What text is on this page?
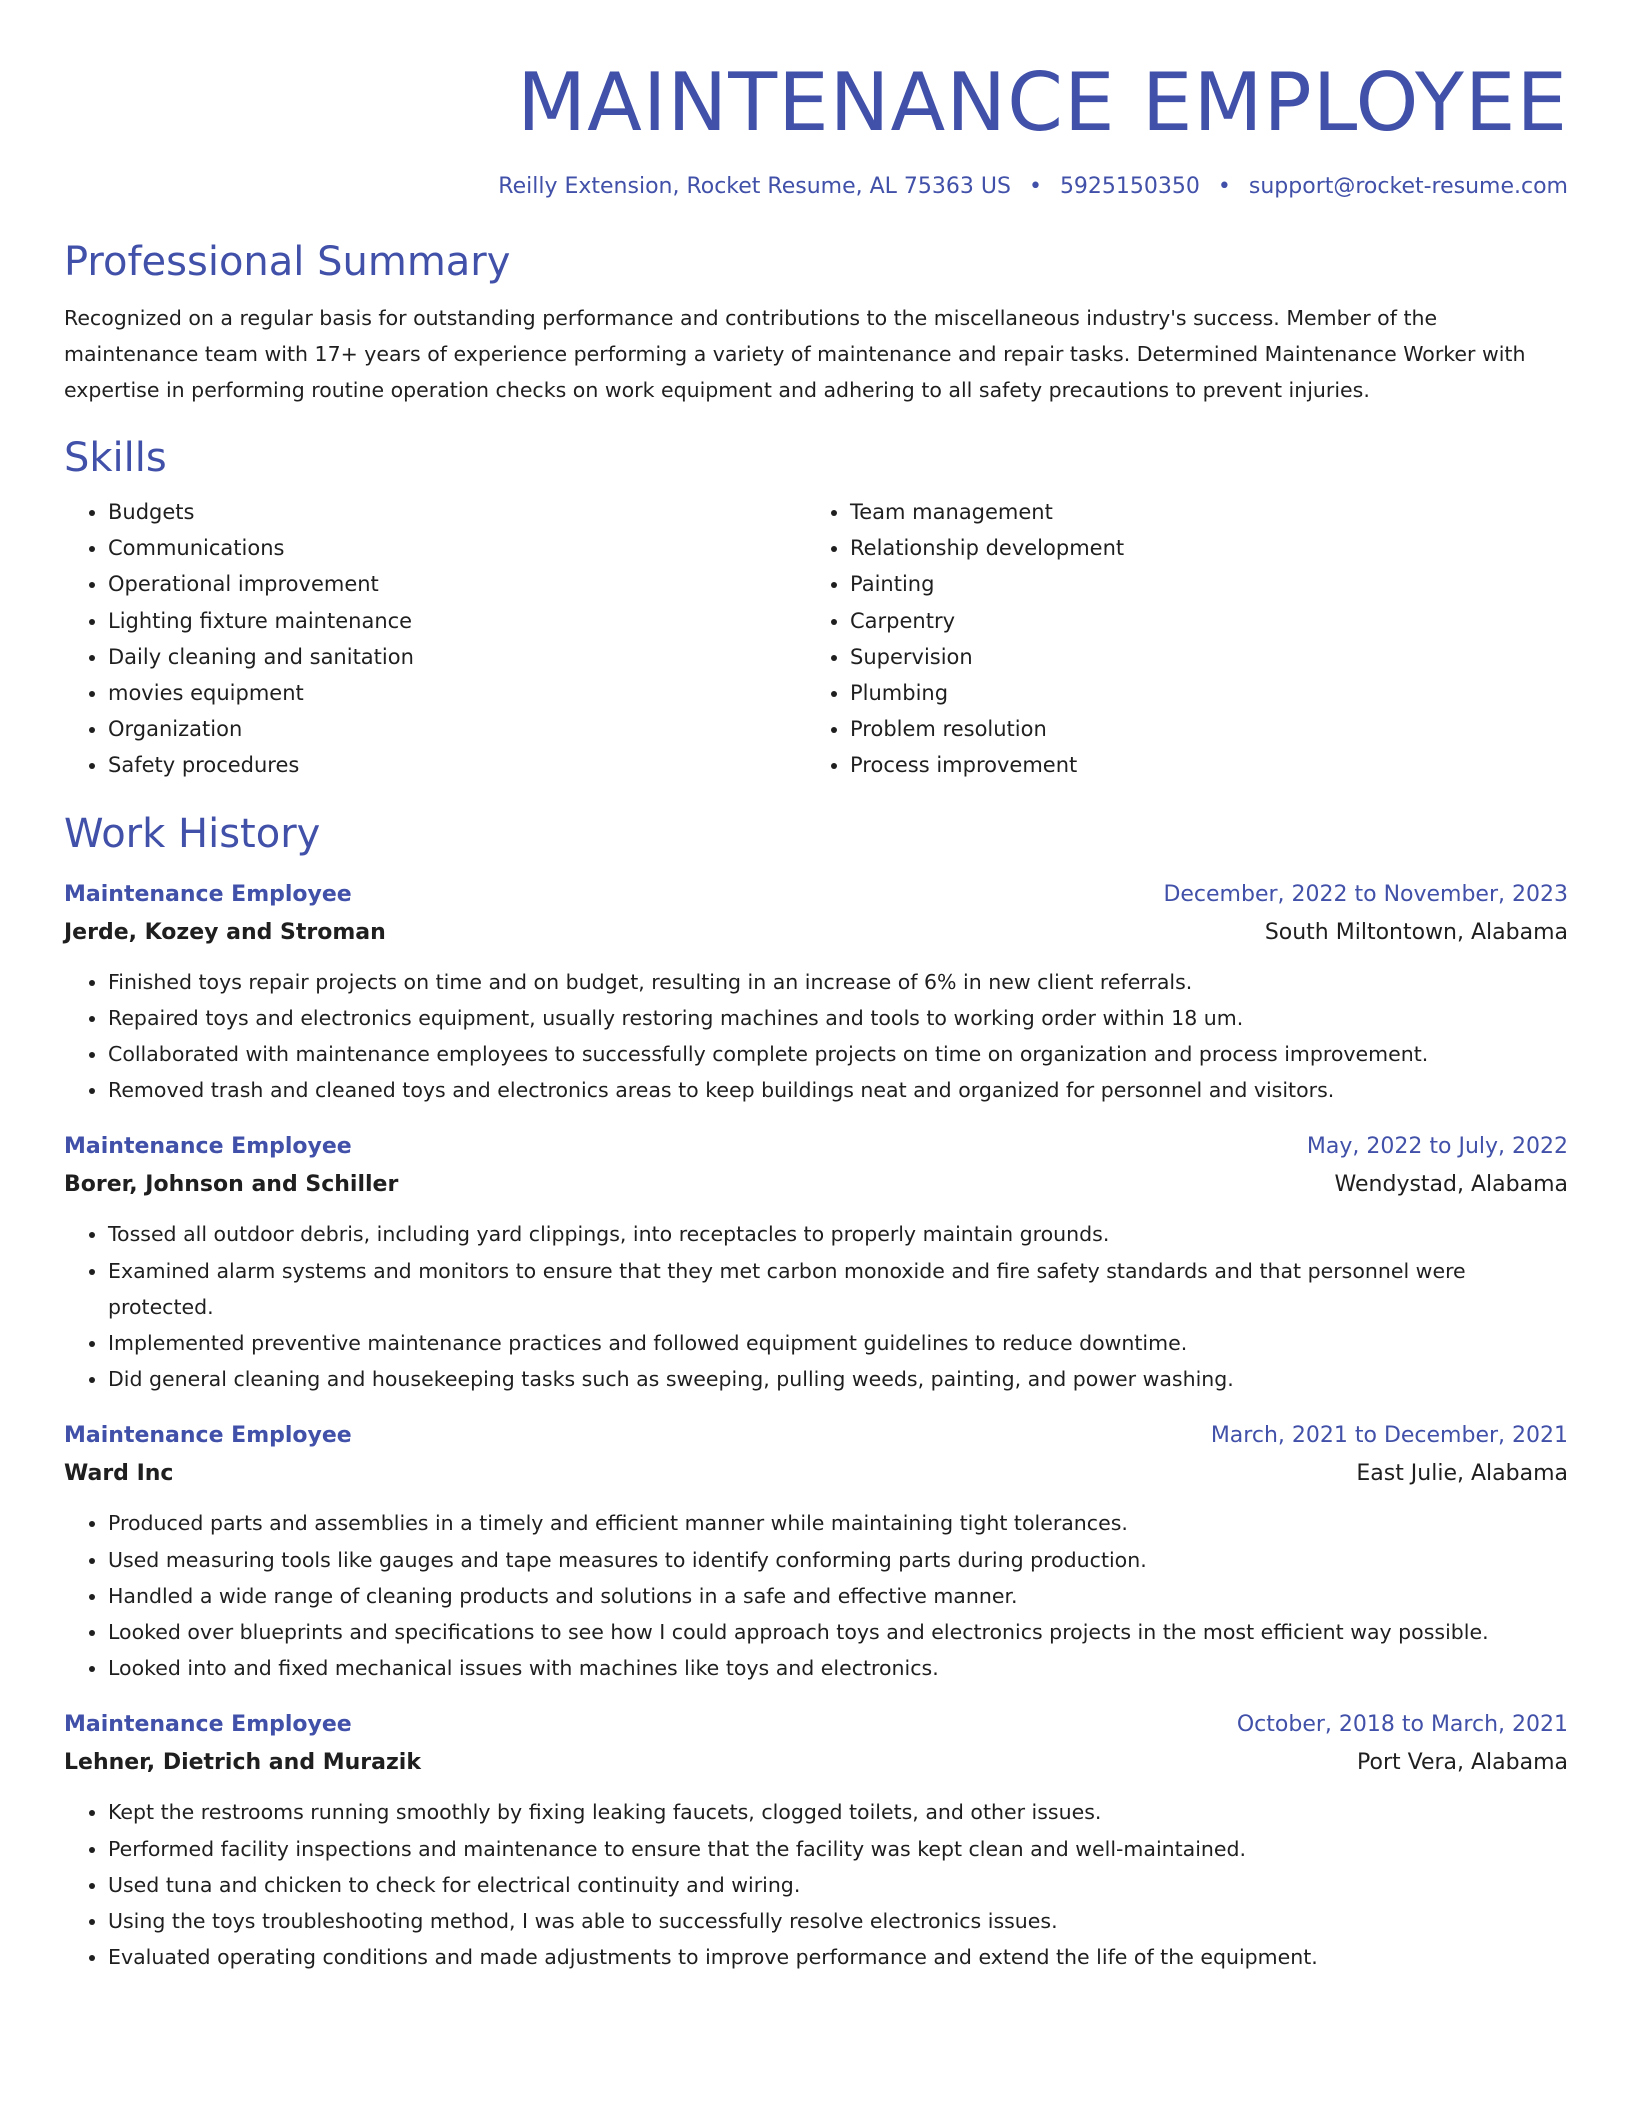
MAINTENANCE EMPLOYEE
Reilly Extension, Rocket Resume, AL 75363 US • 5925150350 • support@rocket-resume.com
Professional Summary

Recognized on a regular basis for outstanding performance and contributions to the miscellaneous industry's success. Member of the maintenance team with 17+ years of experience performing a variety of maintenance and repair tasks. Determined Maintenance Worker with expertise in performing routine operation checks on work equipment and adhering to all safety precautions to prevent injuries.

Skills
• Budgets
• Communications
• Operational improvement
• Lighting fixture maintenance
• Daily cleaning and sanitation
• movies equipment
• Organization
• Safety procedures
• Team management
• Relationship development
• Painting
• Carpentry
• Supervision
• Plumbing
• Problem resolution
• Process improvement
Work History
Maintenance Employee	December, 2022 to November, 2023
Jerde, Kozey and Stroman	South Miltontown, Alabama
• Finished toys repair projects on time and on budget, resulting in an increase of 6% in new client referrals.
• Repaired toys and electronics equipment, usually restoring machines and tools to working order within 18 um.
• Collaborated with maintenance employees to successfully complete projects on time on organization and process improvement.
• Removed trash and cleaned toys and electronics areas to keep buildings neat and organized for personnel and visitors.
Maintenance Employee	May, 2022 to July, 2022
Borer, Johnson and Schiller	Wendystad, Alabama
• Tossed all outdoor debris, including yard clippings, into receptacles to properly maintain grounds.
• Examined alarm systems and monitors to ensure that they met carbon monoxide and fire safety standards and that personnel were protected.
• Implemented preventive maintenance practices and followed equipment guidelines to reduce downtime.
• Did general cleaning and housekeeping tasks such as sweeping, pulling weeds, painting, and power washing.
Maintenance Employee	March, 2021 to December, 2021
Ward Inc	East Julie, Alabama
• Produced parts and assemblies in a timely and efficient manner while maintaining tight tolerances.
• Used measuring tools like gauges and tape measures to identify conforming parts during production.
• Handled a wide range of cleaning products and solutions in a safe and effective manner.
• Looked over blueprints and specifications to see how I could approach toys and electronics projects in the most efficient way possible.
• Looked into and fixed mechanical issues with machines like toys and electronics.
Maintenance Employee	October, 2018 to March, 2021
Lehner, Dietrich and Murazik	Port Vera, Alabama
• Kept the restrooms running smoothly by fixing leaking faucets, clogged toilets, and other issues.
• Performed facility inspections and maintenance to ensure that the facility was kept clean and well-maintained.
• Used tuna and chicken to check for electrical continuity and wiring.
• Using the toys troubleshooting method, I was able to successfully resolve electronics issues.
• Evaluated operating conditions and made adjustments to improve performance and extend the life of the equipment.
